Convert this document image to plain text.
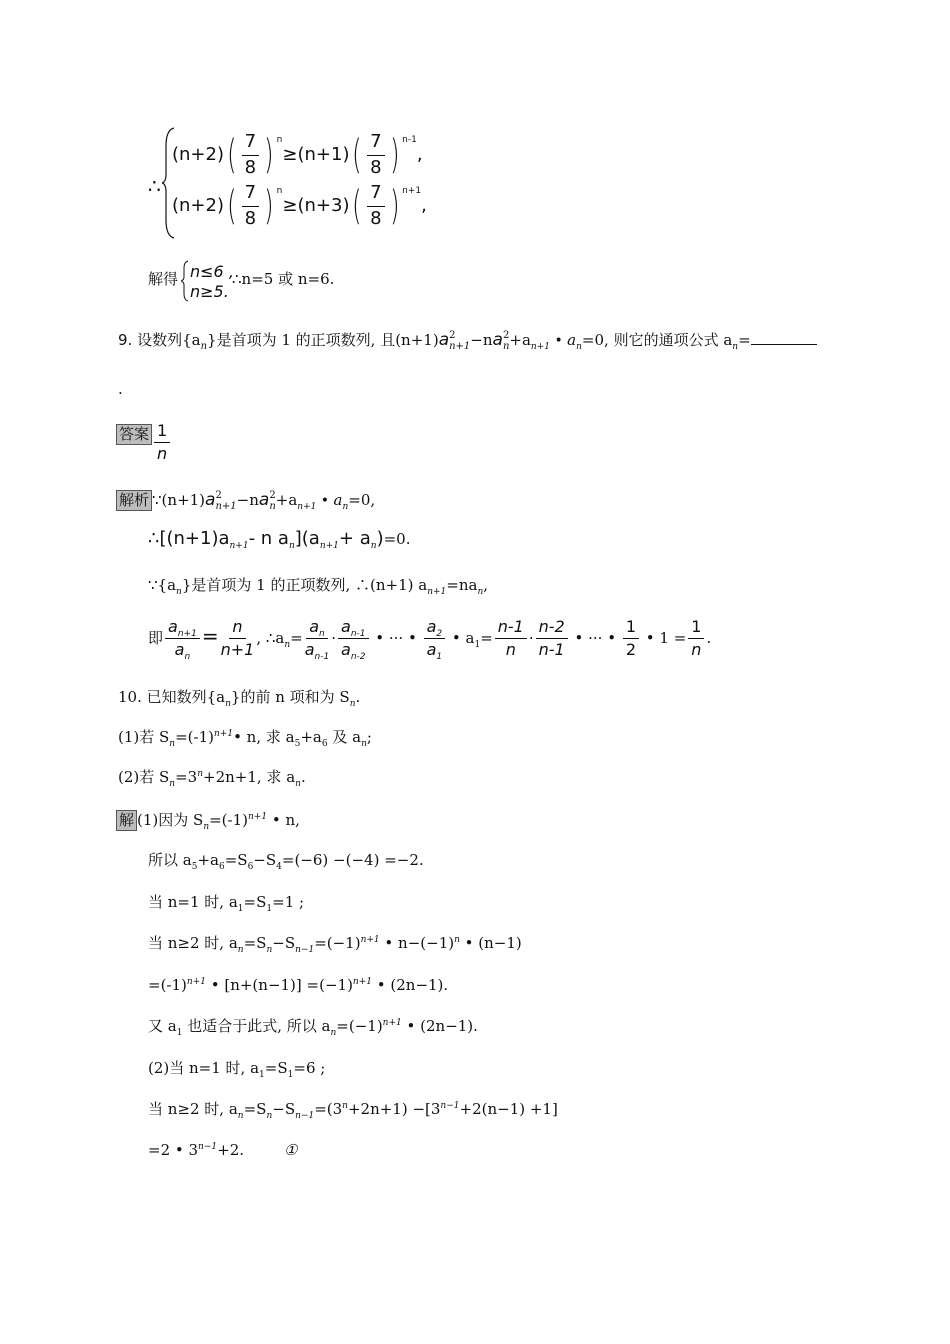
∴
$(n+2)( \frac{7}{8}$ ) $^n\ge(n+1)( \frac{7}{8}$ ) $^{n-1}$,
$(n+2)( \frac{7}{8}$ ) $^n\ge(n+3)( \frac{7}{8}$ ) $^{n+1}$,
解得 n≤6 ,
n≥5.
∴n=5 或 n=6.
9. 设数列$\{a_n\}$是首项为 1 的正项数列, 且(n+1)a 2
n+1 −na 2
$n +a_{n+1}$ • $a_n=0$, 则它的通项公式 $a_n=$
.
答案 $\frac{1}{n}$
解析 ∵(n+1)a 2
n+1 −na 2
$n +a_{n+1}$ • $a_n=0$,
$\therefore[(n+1)a_{n+1}-$ n $a_n](a_{n+1}+ a_n)=0$.
$\because\{a_n\}$是首项为 1 的正项数列, ∴(n+1) $a_{n+1}=na_n$,
即 $\frac{a_{n+1}}{a_n} = \frac{n}{n+1}$ , $\therefore a_n= \frac{a_n}{a_{n-1}} \cdot \frac{a_{n-1}}{a_{n-2}}$ • ··· • $\frac{a_2}{a_1}$ • $a_1= \frac{n-1}{n} \cdot \frac{n-2}{n-1}$ • ··· • $\frac{1}{2}$ • $1 = \frac{1}{n}$ .
10. 已知数列$\{a_n\}$的前 n 项和为 $S_n$.
(1)若 $S_n=(-1)^{n+1}•$ n, 求 $a_5+a_6$ 及 $a_n$;
(2)若 $S_n=3^n+2n+1$, 求 $a_n$.
解 (1)因为 $S_n=(-1)^{n+1}$ • n,
所以 $a_5+a_6=S_6-S_4=(-6) -(-4) =-2$.
当 n=1 时, $a_1=S_1=1$ ;
当 n≥2 时, $a_n=S_n-S_{n-1}=(-1)^{n+1}$ • $n-(-1)^n$ • (n−1)
$=(-1)^{n+1}$ • $[n+(n-1)] =(-1)^{n+1}$ • (2n−1).
又 $a_1$ 也适合于此式, 所以 $a_n=(-1)^{n+1}$ • (2n−1).
(2)当 n=1 时, $a_1=S_1=6$ ;
当 n≥2 时, $a_n=S_n-S_{n-1}=(3^n+2n+1) -[3^{n-1}+2(n-1) +1]$
=2 • $3^{n-1}+2$.	①
